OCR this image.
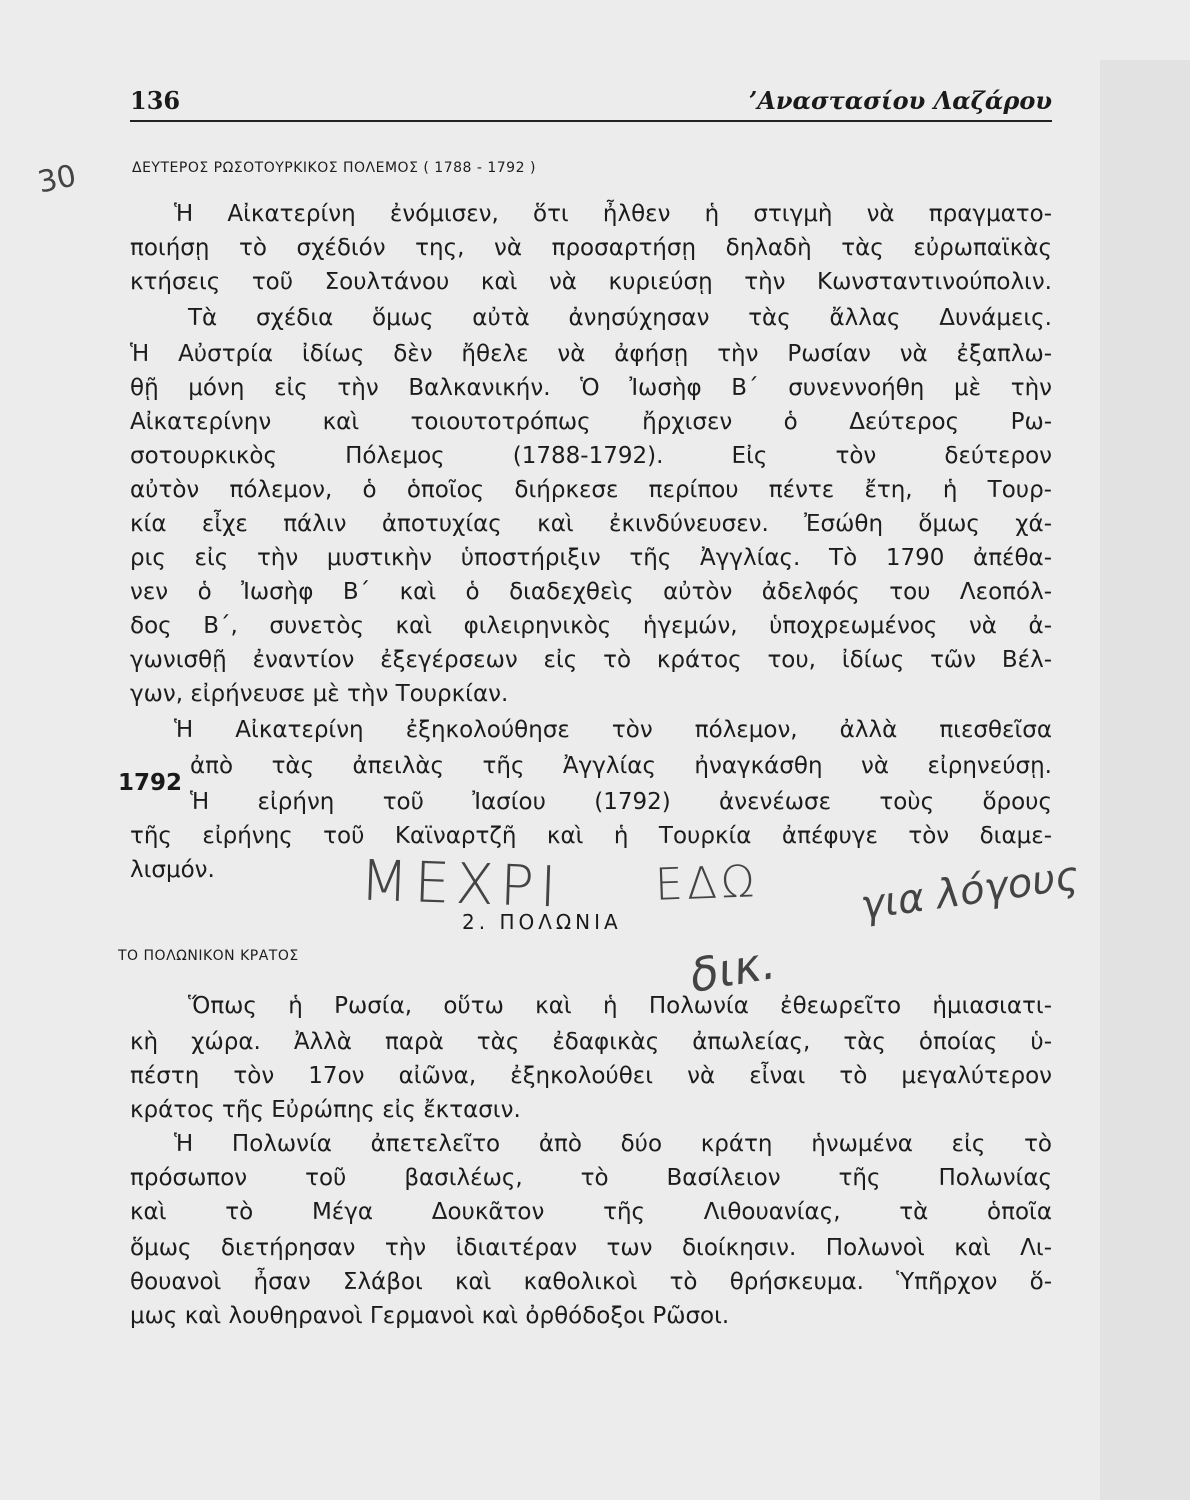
136	’Αναστασίου Λαζάρου
30	ΔΕΥΤΕΡΟΣ ΡΩΣΟΤΟΥΡΚΙΚΟΣ ΠΟΛΕΜΟΣ ( 1788 - 1792 )
Ἡ Αἰκατερίνη ἐνόμισεν, ὅτι ἦλθεν ἡ στιγμὴ νὰ πραγματο-
ποιήσῃ τὸ σχέδιόν της, νὰ προσαρτήσῃ δηλαδὴ τὰς εὐρωπαϊκὰς
κτήσεις τοῦ Σουλτάνου καὶ νὰ κυριεύσῃ τὴν Κωνσταντινούπολιν.
Τὰ σχέδια ὅμως αὐτὰ ἀνησύχησαν τὰς ἄλλας Δυνάμεις.
Ἡ Αὐστρία ἰδίως δὲν ἤθελε νὰ ἀφήσῃ τὴν Ρωσίαν νὰ ἐξαπλω-
θῇ μόνη εἰς τὴν Βαλκανικήν. Ὁ Ἰωσὴφ Β΄ συνεννοήθη μὲ τὴν
Αἰκατερίνην καὶ τοιουτοτρόπως ἤρχισεν ὁ Δεύτερος Ρω-
σοτουρκικὸς Πόλεμος (1788-1792). Εἰς τὸν δεύτερον
αὐτὸν πόλεμον, ὁ ὁποῖος διήρκεσε περίπου πέντε ἔτη, ἡ Τουρ-
κία εἶχε πάλιν ἀποτυχίας καὶ ἐκινδύνευσεν. Ἐσώθη ὅμως χά-
ρις εἰς τὴν μυστικὴν ὑποστήριξιν τῆς Ἀγγλίας. Τὸ 1790 ἀπέθα-
νεν ὁ Ἰωσὴφ Β΄ καὶ ὁ διαδεχθεὶς αὐτὸν ἀδελφός του Λεοπόλ-
δος Β΄, συνετὸς καὶ φιλειρηνικὸς ἡγεμών, ὑποχρεωμένος νὰ ἀ-
γωνισθῇ ἐναντίον ἐξεγέρσεων εἰς τὸ κράτος του, ἰδίως τῶν Βέλ-
γων, εἰρήνευσε μὲ τὴν Τουρκίαν.
Ἡ Αἰκατερίνη ἐξηκολούθησε τὸν πόλεμον, ἀλλὰ πιεσθεῖσα
ἀπὸ τὰς ἀπειλὰς τῆς Ἀγγλίας ἠναγκάσθη νὰ εἰρηνεύσῃ.
Ἡ εἰρήνη τοῦ Ἰασίου (1792) ἀνενέωσε τοὺς ὅρους
τῆς εἰρήνης τοῦ Καϊναρτζῆ καὶ ἡ Τουρκία ἀπέφυγε τὸν διαμε-
λισμόν.
1792
ΜΕΧΡΙ ΕΔΩ για λόγους
δικ.
2. ΠΟΛΩΝΙΑ
ΤΟ ΠΟΛΩΝΙΚΟΝ ΚΡΑΤΟΣ
Ὅπως ἡ Ρωσία, οὕτω καὶ ἡ Πολωνία ἐθεωρεῖτο ἡμιασιατι-
κὴ χώρα. Ἀλλὰ παρὰ τὰς ἐδαφικὰς ἀπωλείας, τὰς ὁποίας ὑ-
πέστη τὸν 17ον αἰῶνα, ἐξηκολούθει νὰ εἶναι τὸ μεγαλύτερον
κράτος τῆς Εὐρώπης εἰς ἔκτασιν.
Ἡ Πολωνία ἀπετελεῖτο ἀπὸ δύο κράτη ἡνωμένα εἰς τὸ
πρόσωπον τοῦ βασιλέως, τὸ Βασίλειον τῆς Πολωνίας
καὶ τὸ Μέγα Δουκᾶτον τῆς Λιθουανίας, τὰ ὁποῖα
ὅμως διετήρησαν τὴν ἰδιαιτέραν των διοίκησιν. Πολωνοὶ καὶ Λι-
θουανοὶ ἦσαν Σλάβοι καὶ καθολικοὶ τὸ θρήσκευμα. Ὑπῆρχον ὅ-
μως καὶ λουθηρανοὶ Γερμανοὶ καὶ ὀρθόδοξοι Ρῶσοι.
